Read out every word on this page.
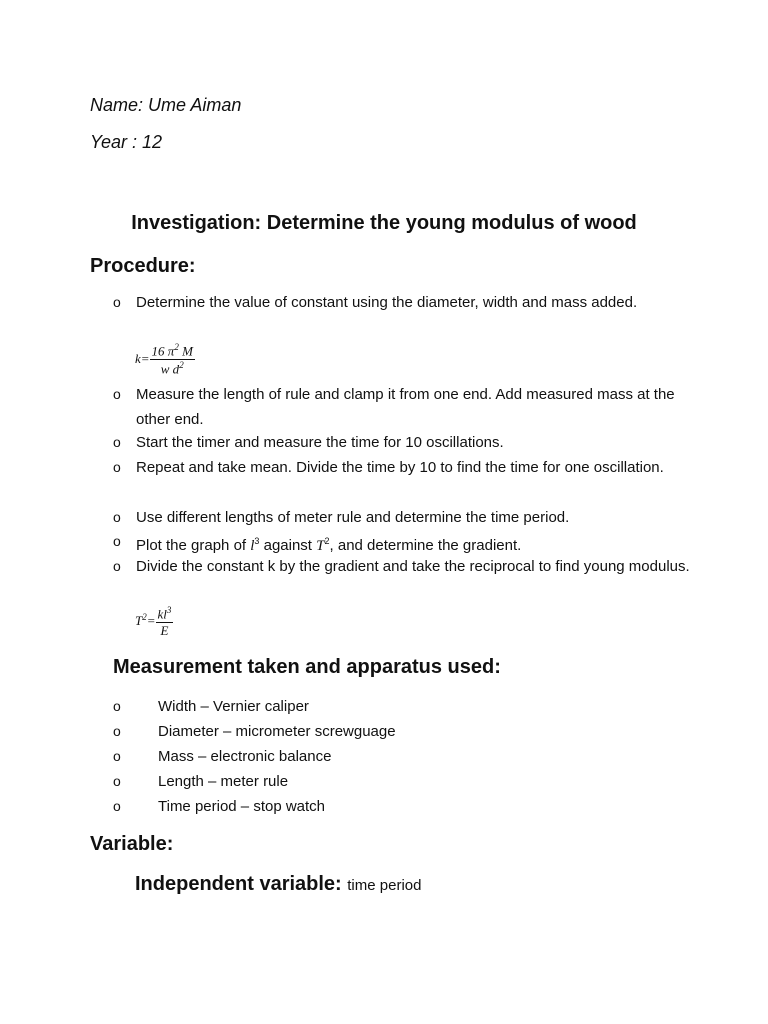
Name: Ume Aiman
Year : 12
Investigation: Determine the young modulus of wood
Procedure:
o Determine the value of constant using the diameter, width and mass added.
$k= \frac{16 \pi^2 M}{w d^2}$
o Measure the length of rule and clamp it from one end. Add measured mass at the other end.
o Start the timer and measure the time for 10 oscillations.
o Repeat and take mean. Divide the time by 10 to find the time for one oscillation.
o Use different lengths of meter rule and determine the time period.
o Plot the graph of $l^3$ against $T^2$, and determine the gradient.
o Divide the constant k by the gradient and take the reciprocal to find young modulus.
$T^2= \frac{kl^3}{E}$
Measurement taken and apparatus used:
o Width – Vernier caliper
o Diameter – micrometer screwguage
o Mass – electronic balance
o Length – meter rule
o Time period – stop watch
Variable:
Independent variable: time period
